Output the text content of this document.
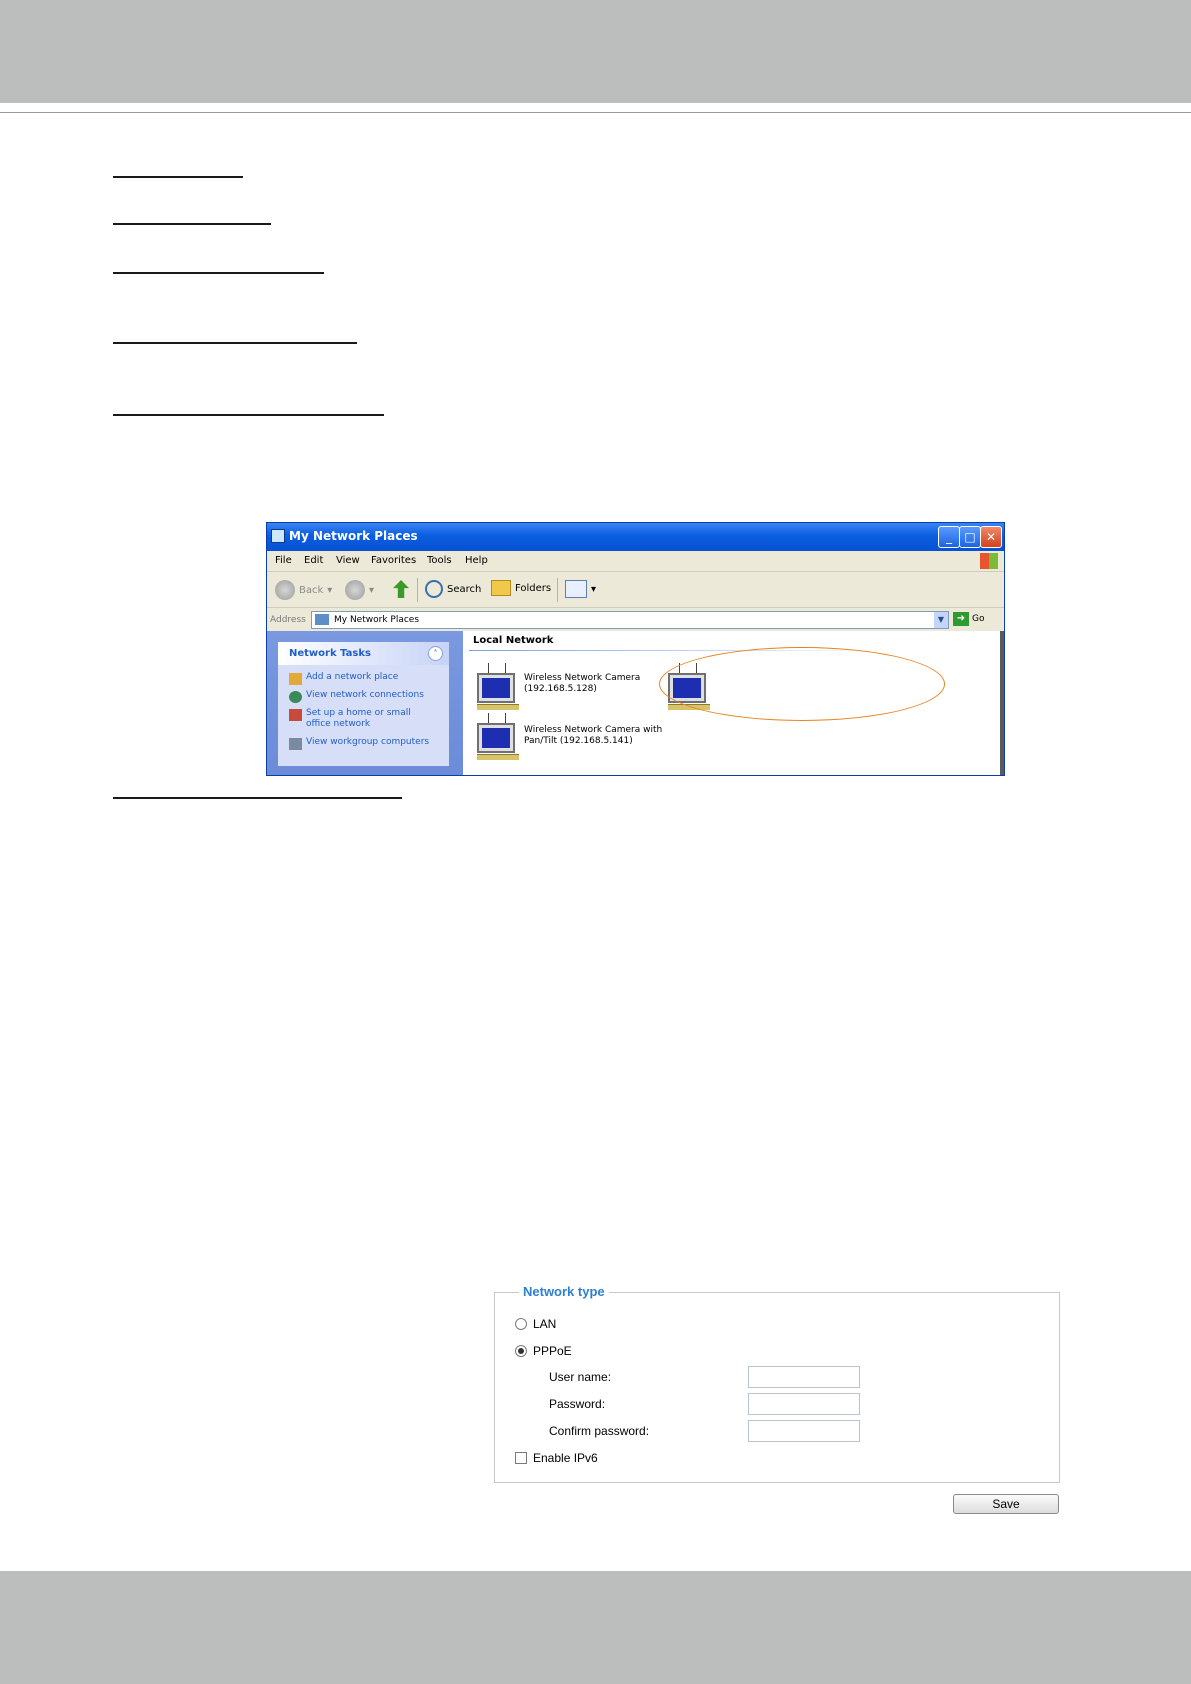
My Network Places	_	□ ✕
File Edit View Favorites Tools Help
Back ▾	▾	Search	Folders	▾
Address	My Network Places	▼	➜ Go
Network Tasks	˄
Add a network place
View network connections
Set up a home or small office network
View workgroup computers
Local Network
Wireless Network Camera
(192.168.5.128)
Wireless Network Camera with
Pan/Tilt (192.168.5.141)
Network type
LAN
PPPoE
User name:
Password:
Confirm password:
Enable IPv6
Save
